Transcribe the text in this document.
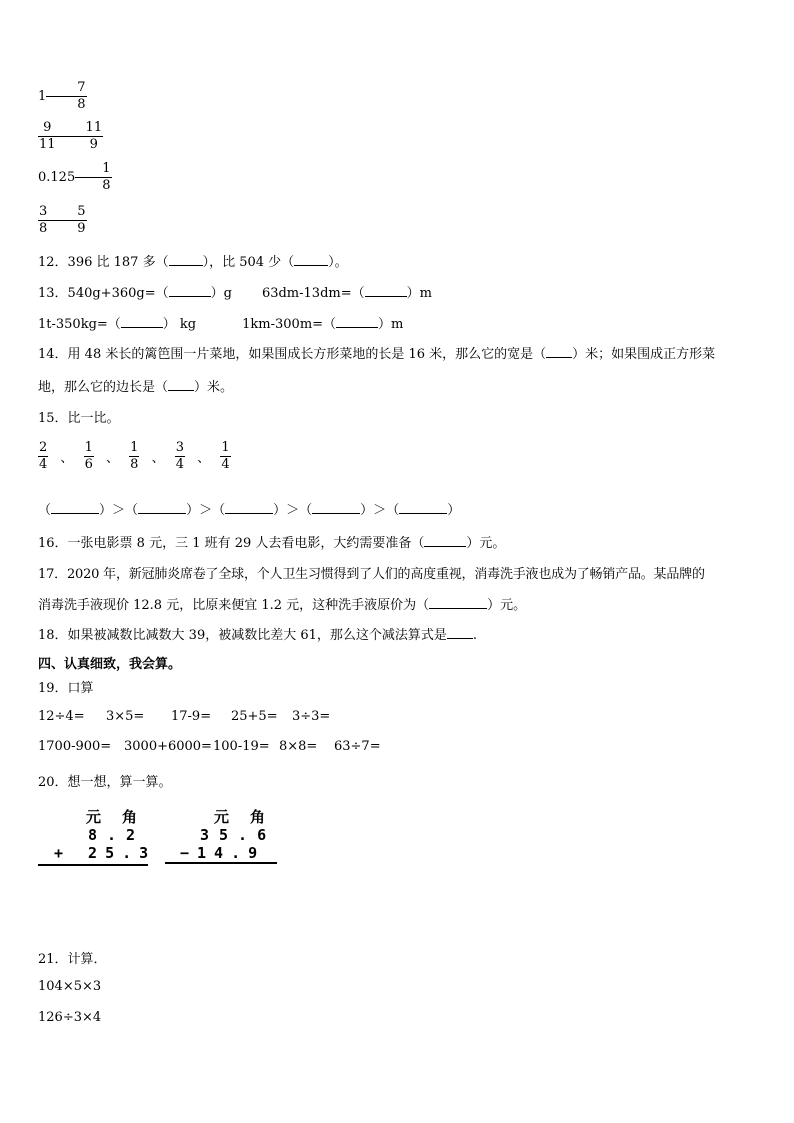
$1 \frac{7}{8}$
$\frac{9}{11} \frac{11}{9}$
$0.125 \frac{1}{8}$
$\frac{3}{8} \frac{5}{9}$
12．396 比 187 多（	），比 504 少（	）。
13．540g+360g=（	）g 63dm-13dm=（	）m
1t-350kg=（	） kg	1km-300m=（	）m
14．用 48 米长的篱笆围一片菜地，如果围成长方形菜地的长是 16 米，那么它的宽是（ ）米；如果围成正方形菜
地，那么它的边长是（ ）米。
15．比一比。
$\frac{2}{4}$ 、 $\frac{1}{6}$ 、 $\frac{1}{8}$ 、 $\frac{3}{4}$ 、 $\frac{1}{4}$
（	）＞（	）＞（	）＞（	）＞（	）
16．一张电影票 8 元，三 1 班有 29 人去看电影，大约需要准备（	）元。
17．2020 年，新冠肺炎席卷了全球，个人卫生习惯得到了人们的高度重视，消毒洗手液也成为了畅销产品。某品牌的
消毒洗手液现价 12.8 元，比原来便宜 1.2 元，这种洗手液原价为（	）元。
18．如果被减数比减数大 39，被减数比差大 61，那么这个减法算式是 .
四、认真细致，我会算。
19．口算
12÷4= 3×5= 17-9= 25+5= 3÷3=
1700-900= 3000+6000=100-19= 8×8= 63÷7=
20．想一想，算一算。
元 角
8.2
+ 25.3
元 角
35.6
−14.9
21．计算．
104×5×3
126÷3×4
